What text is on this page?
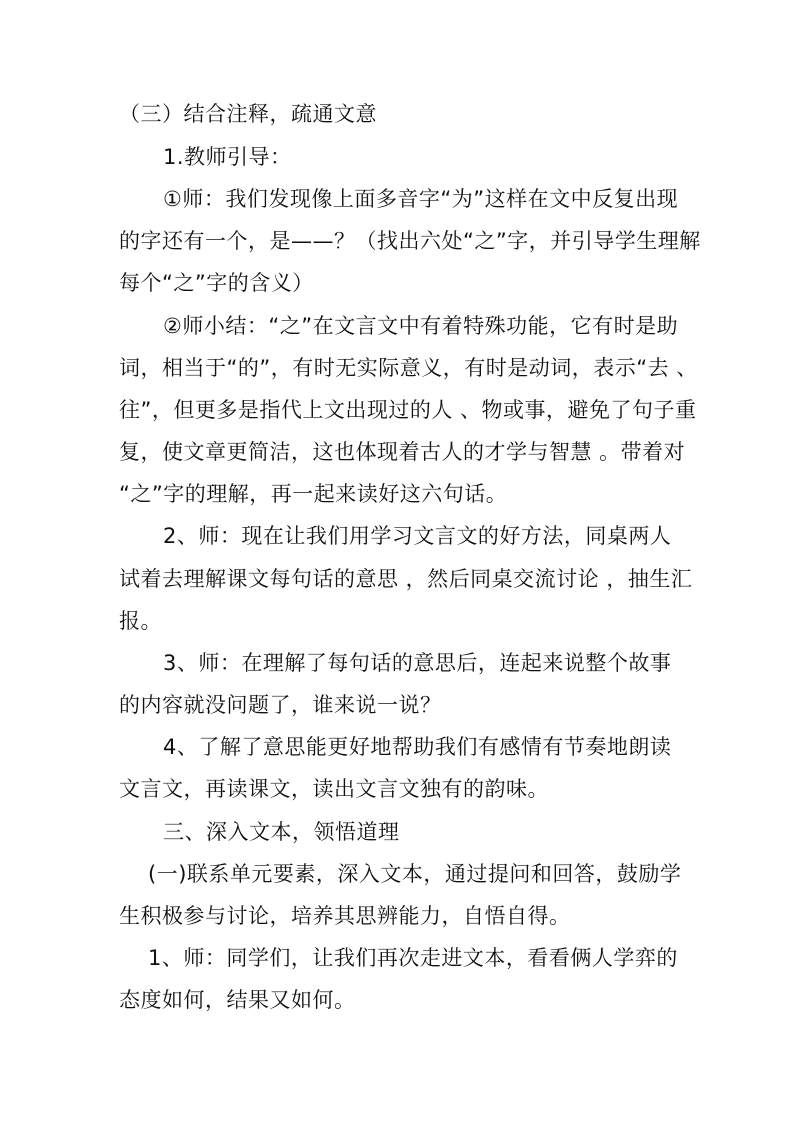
（三）结合注释，疏通文意
1.教师引导：
①师：我们发现像上面多音字“为”这样在文中反复出现
的字还有一个，是——？（找出六处“之”字，并引导学生理解
每个“之”字的含义）
②师小结：“之”在文言文中有着特殊功能，它有时是助
词，相当于“的”，有时无实际意义，有时是动词，表示“去 、
往”，但更多是指代上文出现过的人 、物或事，避免了句子重
复，使文章更简洁，这也体现着古人的才学与智慧 。带着对
“之”字的理解，再一起来读好这六句话。
2、师：现在让我们用学习文言文的好方法，同桌两人
试着去理解课文每句话的意思 ，然后同桌交流讨论 ，抽生汇
报。
3、师：在理解了每句话的意思后，连起来说整个故事
的内容就没问题了，谁来说一说？
4、了解了意思能更好地帮助我们有感情有节奏地朗读
文言文，再读课文，读出文言文独有的韵味。
三、深入文本，领悟道理
(一)联系单元要素，深入文本，通过提问和回答，鼓励学
生积极参与讨论，培养其思辨能力，自悟自得。
1、师：同学们，让我们再次走进文本，看看俩人学弈的
态度如何，结果又如何。
